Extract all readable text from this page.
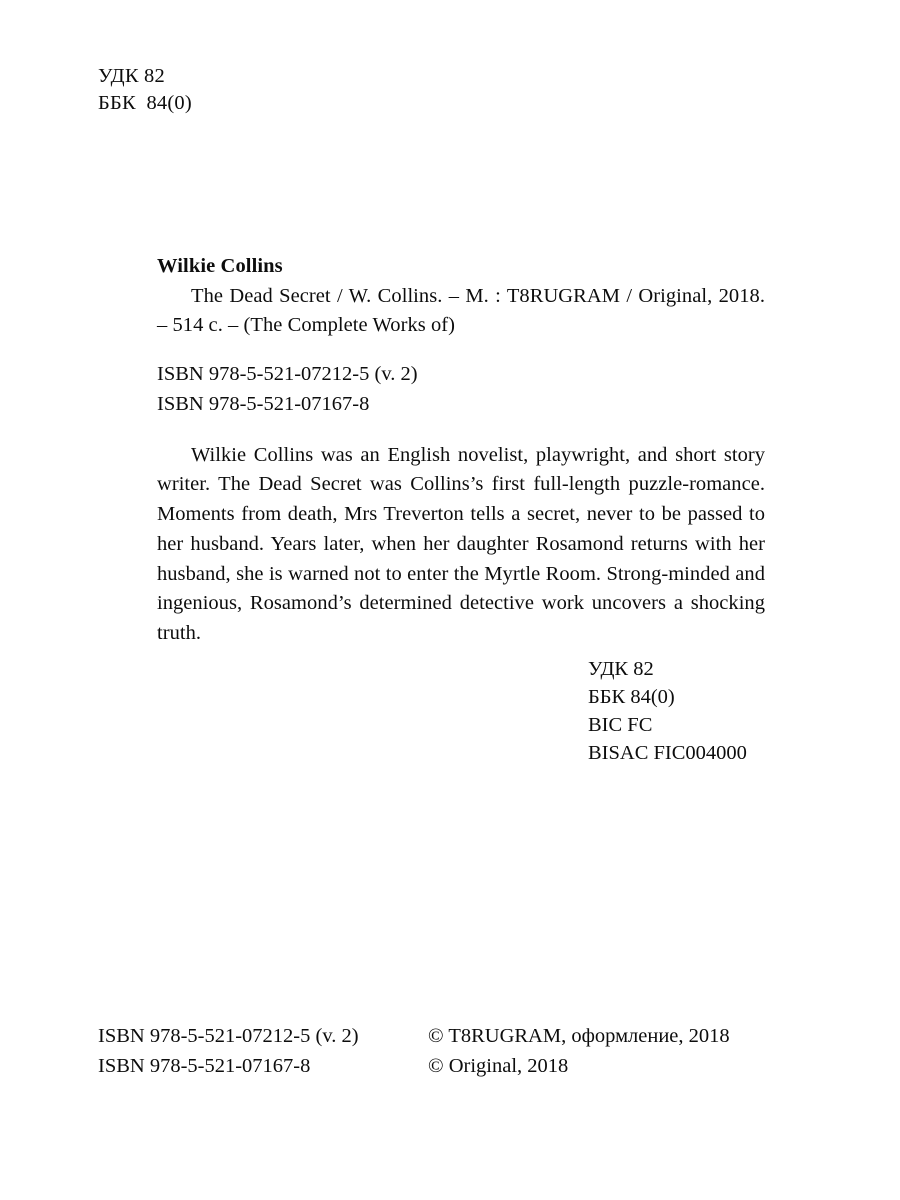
УДК 82
ББК  84(0)

Wilkie Collins

The Dead Secret / W. Collins. – M. : T8RUGRAM / Original, 2018. – 514 c. – (The Complete Works of)

ISBN 978-5-521-07212-5 (v. 2)
ISBN 978-5-521-07167-8

Wilkie Collins was an English novelist, playwright, and short story writer. The Dead Secret was Collins’s first full-length puzzle-romance. Moments from death, Mrs Treverton tells a secret, never to be passed to her husband. Years later, when her daughter Rosamond returns with her husband, she is warned not to enter the Myrtle Room. Strong-minded and ingenious, Rosamond’s determined detective work uncovers a shocking truth.

УДК 82
ББК 84(0)
BIC FC
BISAC FIC004000
ISBN 978-5-521-07212-5 (v. 2)	© T8RUGRAM, оформление, 2018
ISBN 978-5-521-07167-8	© Original, 2018
